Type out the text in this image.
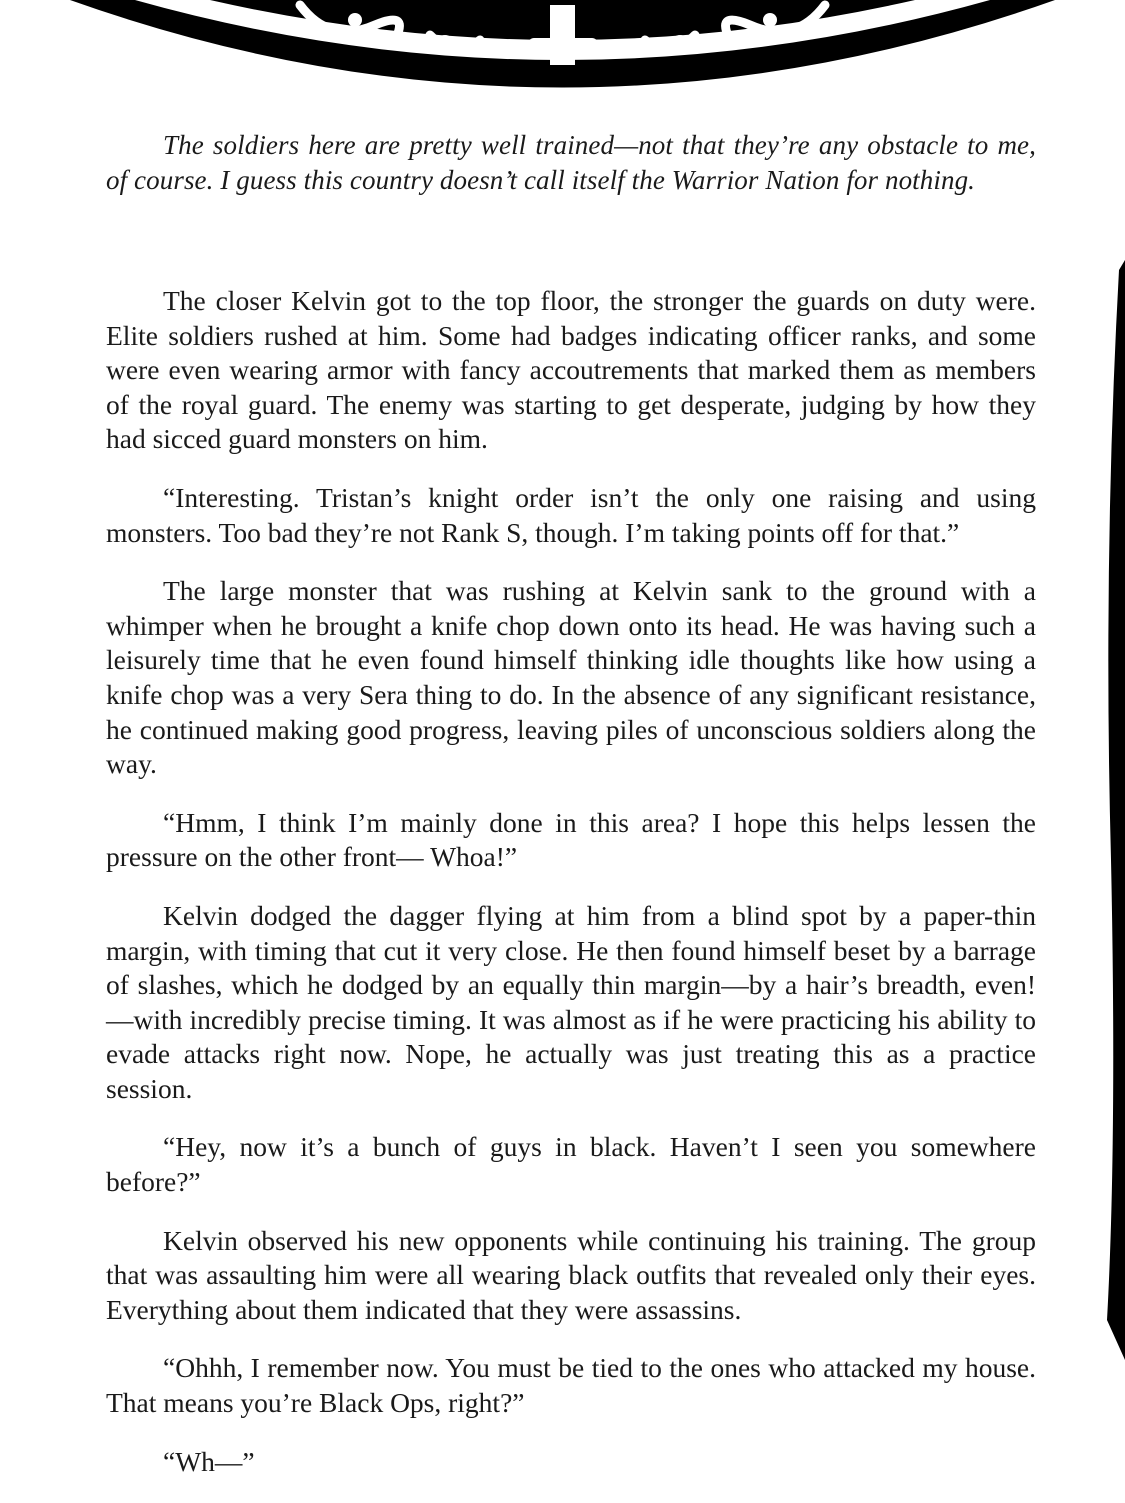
The soldiers here are pretty well trained—not that they’re any obstacle to me, of course. I guess this country doesn’t call itself the Warrior Nation for nothing.

The closer Kelvin got to the top floor, the stronger the guards on duty were. Elite soldiers rushed at him. Some had badges indicating officer ranks, and some were even wearing armor with fancy accoutrements that marked them as members of the royal guard. The enemy was starting to get desperate, judging by how they had sicced guard monsters on him.

“Interesting. Tristan’s knight order isn’t the only one raising and using monsters. Too bad they’re not Rank S, though. I’m taking points off for that.”

The large monster that was rushing at Kelvin sank to the ground with a whimper when he brought a knife chop down onto its head. He was having such a leisurely time that he even found himself thinking idle thoughts like how using a knife chop was a very Sera thing to do. In the absence of any significant resistance, he continued making good progress, leaving piles of unconscious soldiers along the way.

“Hmm, I think I’m mainly done in this area? I hope this helps lessen the pressure on the other front— Whoa!”

Kelvin dodged the dagger flying at him from a blind spot by a paper-thin margin, with timing that cut it very close. He then found himself beset by a barrage of slashes, which he dodged by an equally thin margin—by a hair’s breadth, even!—with incredibly precise timing. It was almost as if he were practicing his ability to evade attacks right now. Nope, he actually was just treating this as a practice session.

“Hey, now it’s a bunch of guys in black. Haven’t I seen you somewhere before?”

Kelvin observed his new opponents while continuing his training. The group that was assaulting him were all wearing black outfits that revealed only their eyes. Everything about them indicated that they were assassins.

“Ohhh, I remember now. You must be tied to the ones who attacked my house. That means you’re Black Ops, right?”

“Wh—”
